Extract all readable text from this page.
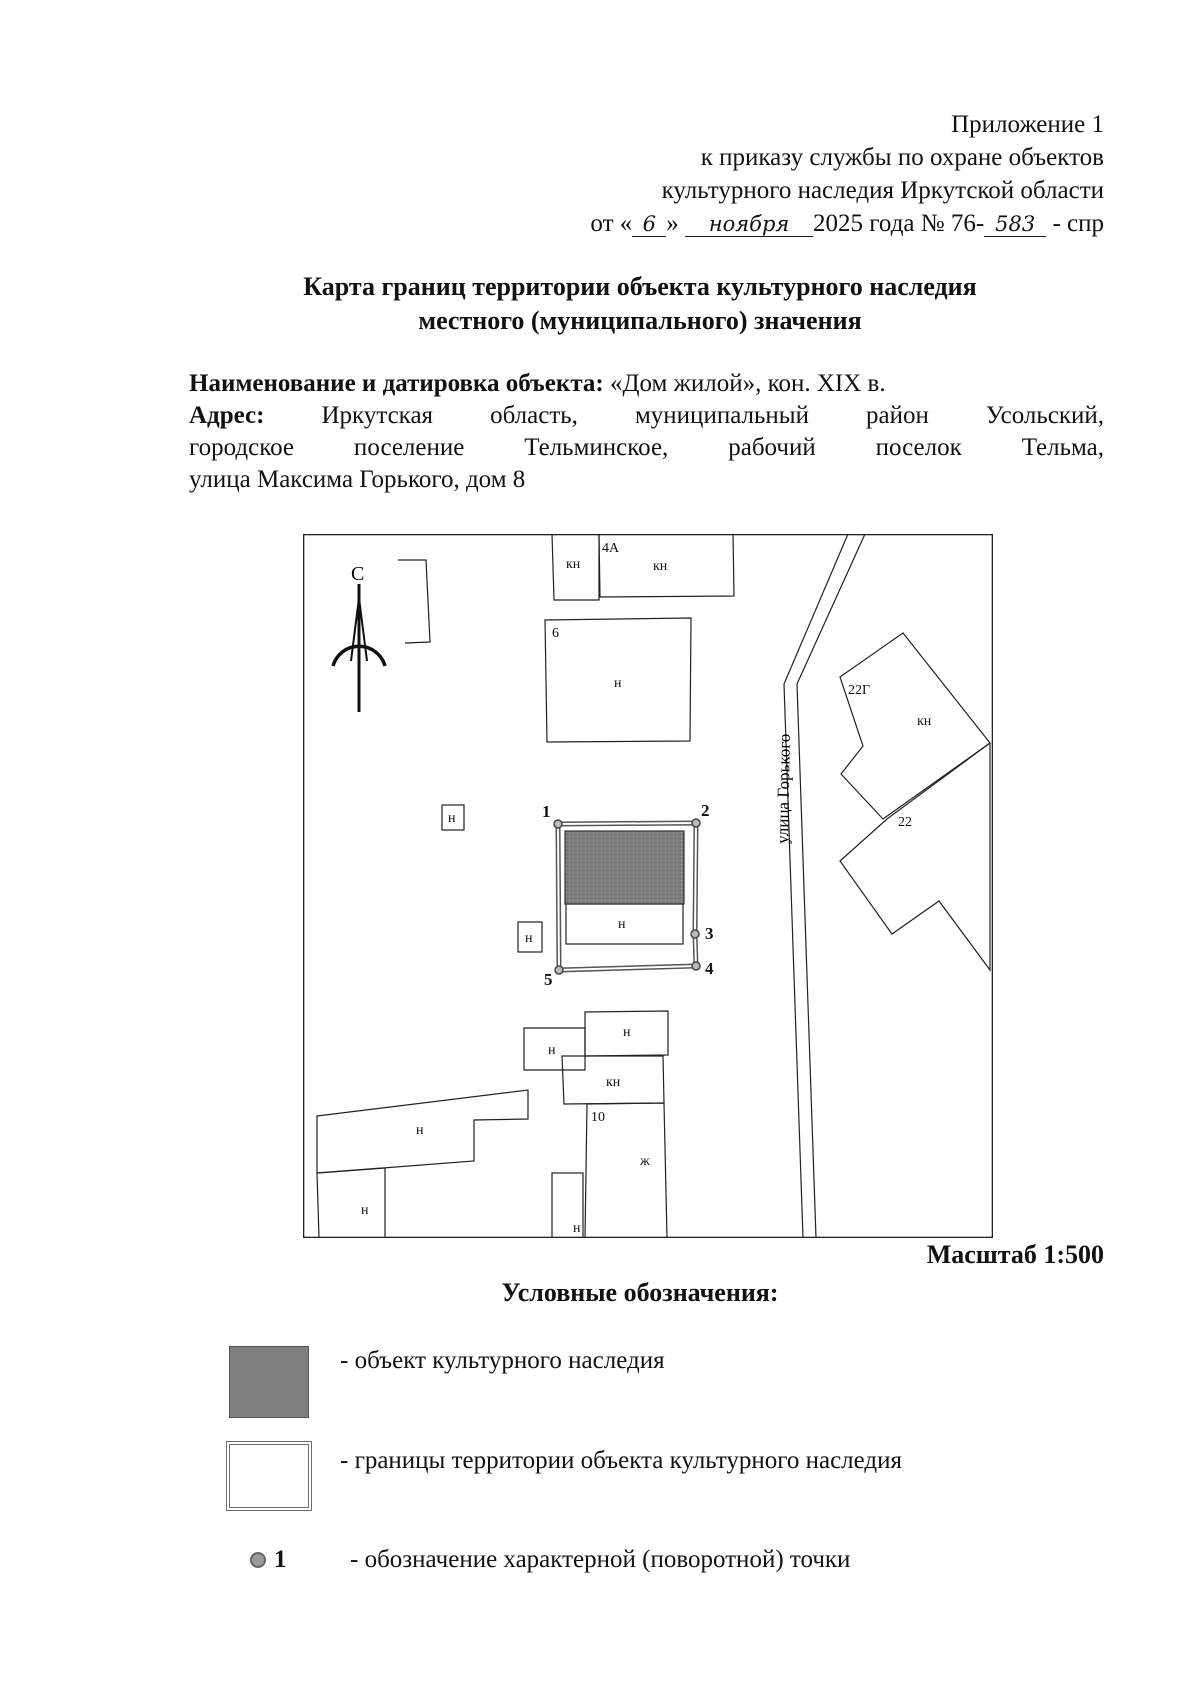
Приложение 1
к приказу службы по охране объектов
культурного наследия Иркутской области
от « 6 » ноября 2025 года № 76- 583 - спр
Карта границ территории объекта культурного наследия
местного (муниципального) значения
Наименование и датировка объекта: «Дом жилой», кон. XIX в.
Адрес: Иркутская область, муниципальный район Усольский,
городское поселение Тельминское, рабочий поселок Тельма,
улица Максима Горького, дом 8
С
улица Горького
кн
4А
кн
6
н	22Г
кн
22
н
н
н
н
н
кн
н
10
ж
н
н
1	2
3
4
5
Масштаб 1:500
Условные обозначения:
- объект культурного наследия
- границы территории объекта культурного наследия
1	- обозначение характерной (поворотной) точки
